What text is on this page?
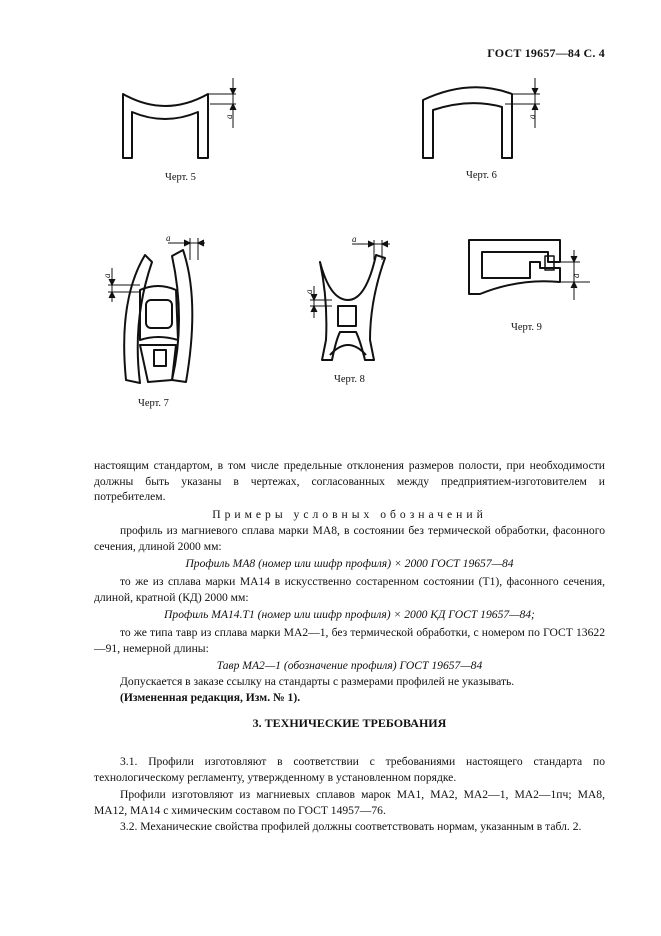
ГОСТ 19657—84 С. 4
a	a
a
a
a
a
a
Черт. 5	Черт. 6
Черт. 7
Черт. 8
Черт. 9

настоящим стандартом, в том числе предельные отклонения размеров полости, при необходимости должны быть указаны в чертежах, согласованных между предприятием-изготовителем и потребителем.

Примеры условных обозначений

профиль из магниевого сплава марки МА8, в состоянии без термической обработки, фасонного сечения, длиной 2000 мм:

Профиль МА8 (номер или шифр профиля) × 2000 ГОСТ 19657—84

то же из сплава марки МА14 в искусственно состаренном состоянии (Т1), фасонного сечения, длиной, кратной (КД) 2000 мм:

Профиль МА14.Т1 (номер или шифр профиля) × 2000 КД ГОСТ 19657—84;

то же типа тавр из сплава марки МА2—1, без термической обработки, с номером по ГОСТ 13622—91, немерной длины:

Тавр МА2—1 (обозначение профиля) ГОСТ 19657—84

Допускается в заказе ссылку на стандарты с размерами профилей не указывать.

(Измененная редакция, Изм. № 1).

3. ТЕХНИЧЕСКИЕ ТРЕБОВАНИЯ

3.1. Профили изготовляют в соответствии с требованиями настоящего стандарта по технологическому регламенту, утвержденному в установленном порядке.

Профили изготовляют из магниевых сплавов марок МА1, МА2, МА2—1, МА2—1пч; МА8, МА12, МА14 с химическим составом по ГОСТ 14957—76.

3.2. Механические свойства профилей должны соответствовать нормам, указанным в табл. 2.
